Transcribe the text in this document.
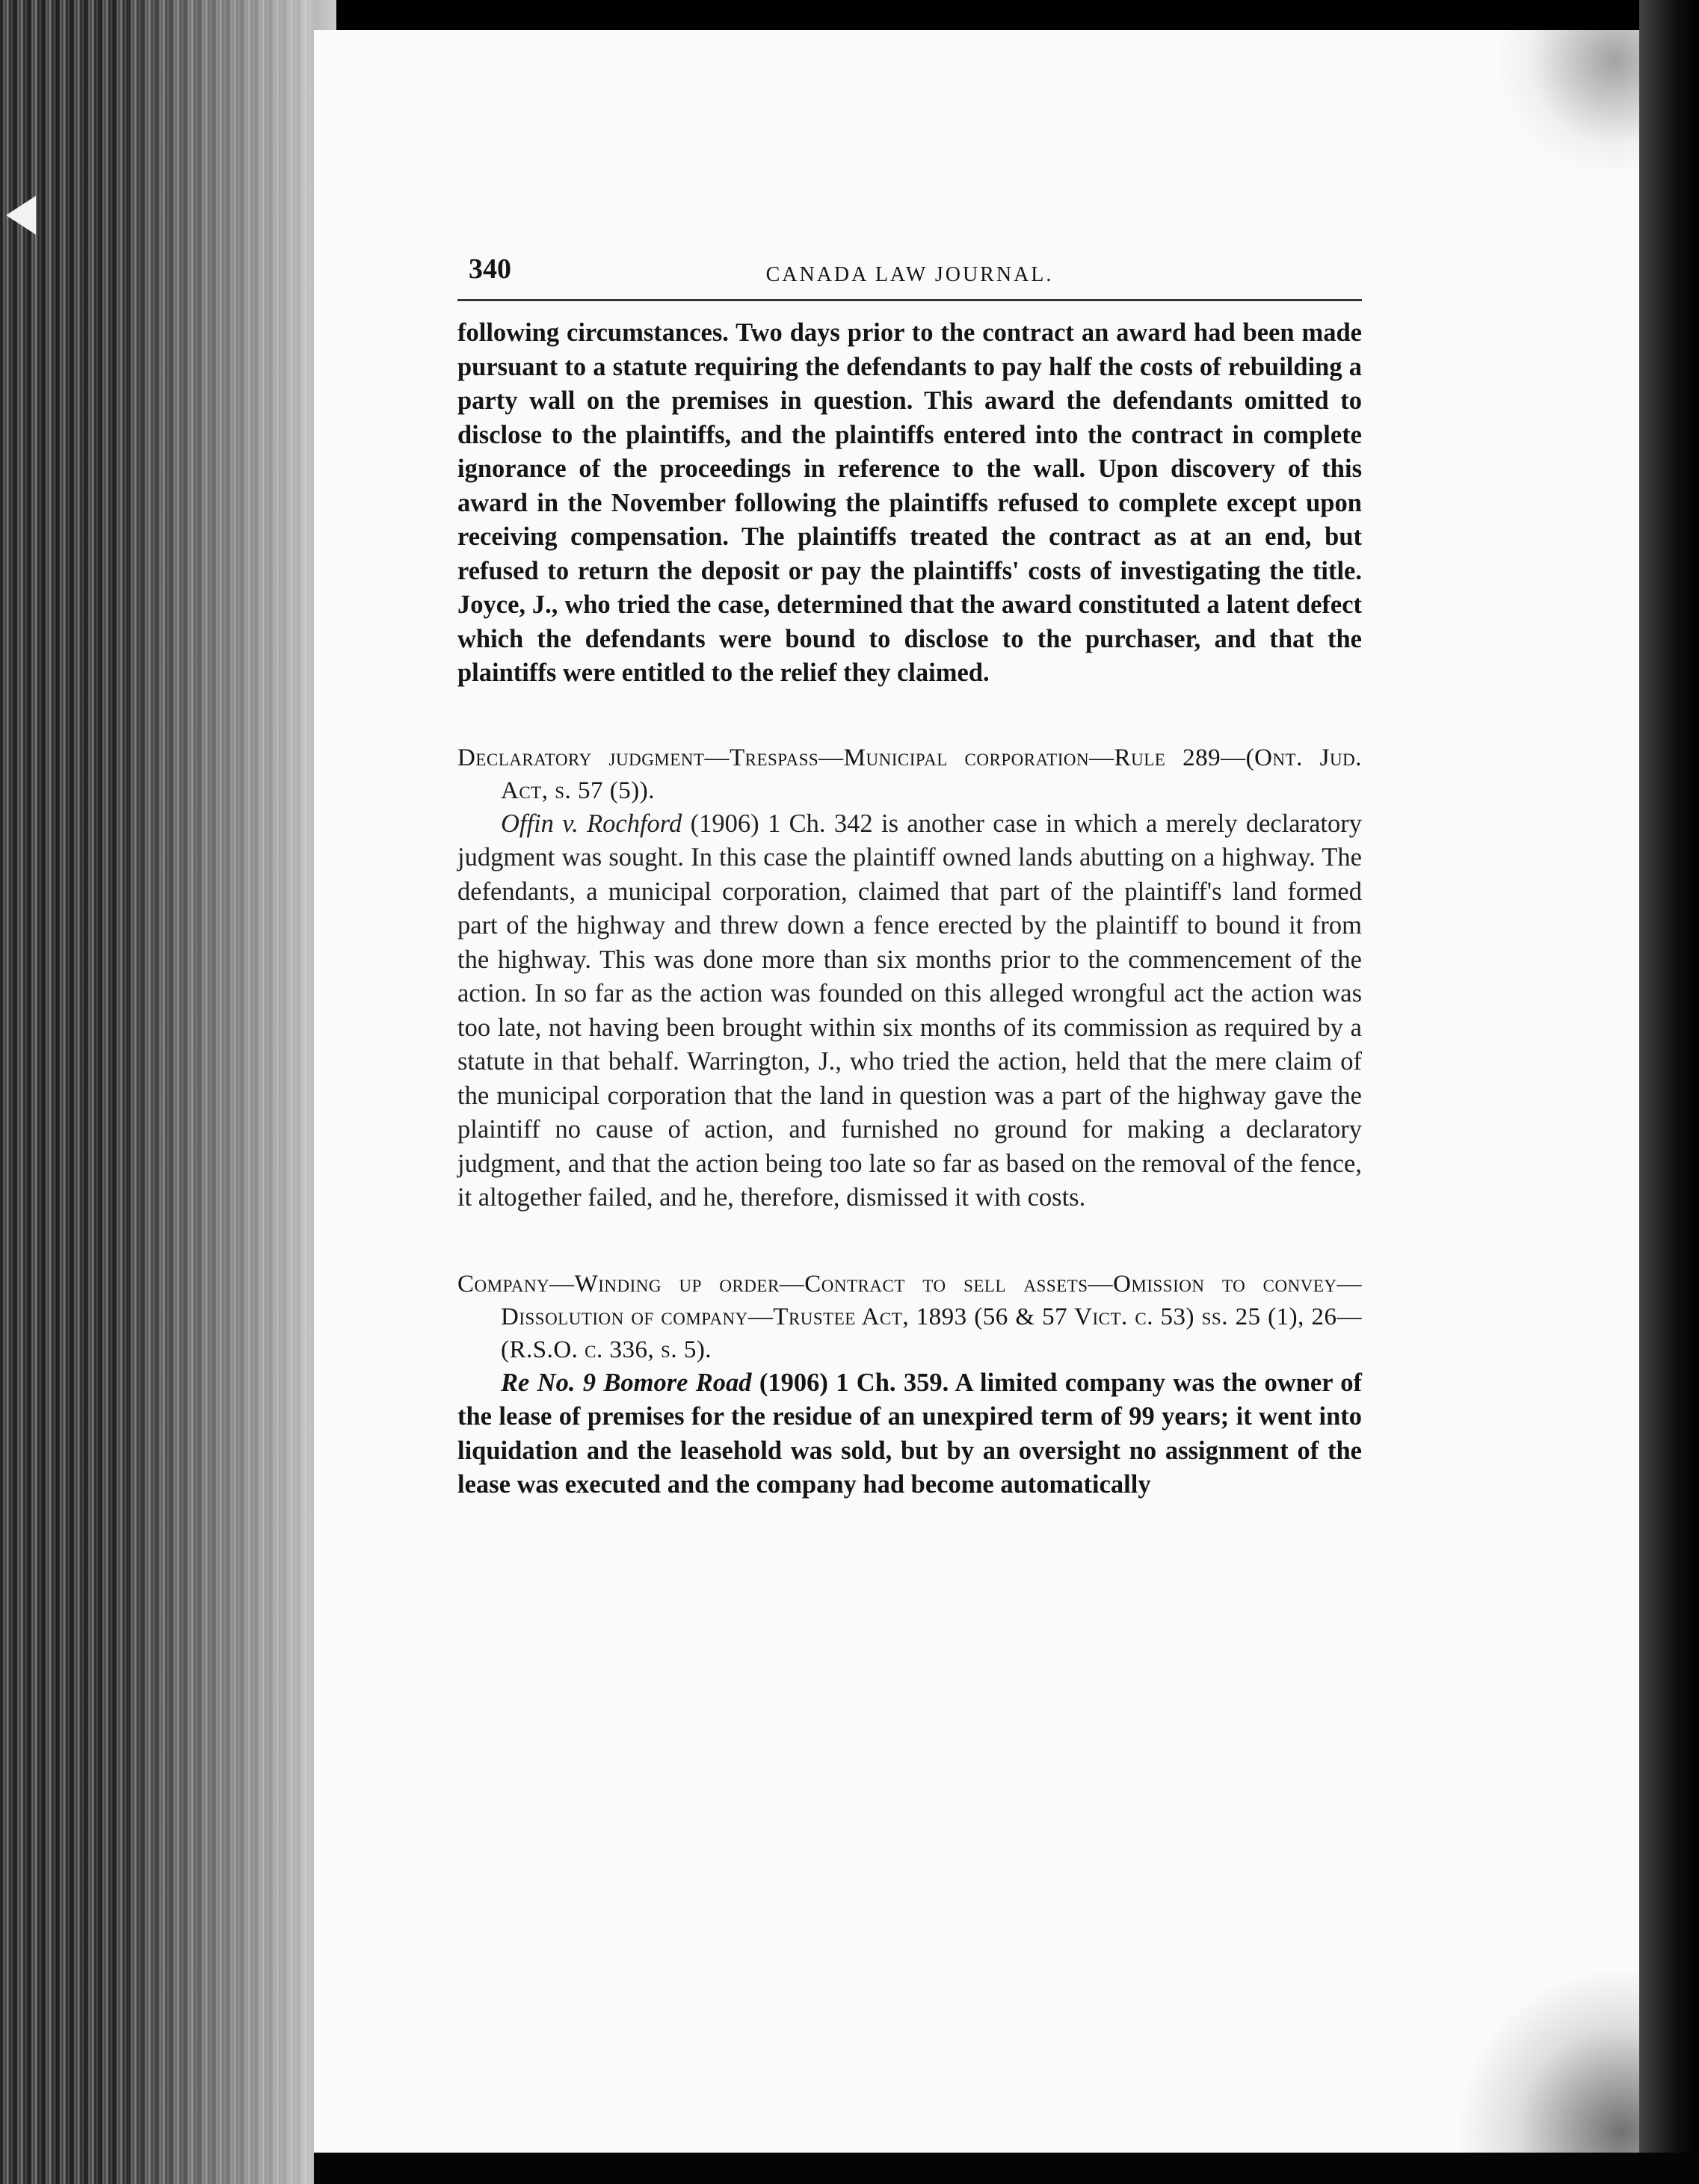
340	CANADA LAW JOURNAL.

following circumstances. Two days prior to the contract an award had been made pursuant to a statute requiring the defendants to pay half the costs of rebuilding a party wall on the premises in question. This award the defendants omitted to disclose to the plaintiffs, and the plaintiffs entered into the contract in complete ignorance of the proceedings in reference to the wall. Upon discovery of this award in the November following the plaintiffs refused to complete except upon receiving compensation. The plaintiffs treated the contract as at an end, but refused to return the deposit or pay the plaintiffs' costs of investigating the title. Joyce, J., who tried the case, determined that the award constituted a latent defect which the defendants were bound to disclose to the purchaser, and that the plaintiffs were entitled to the relief they claimed.

Declaratory judgment—Trespass—Municipal corporation—Rule 289—(Ont. Jud. Act, s. 57 (5)).

Offin v. Rochford (1906) 1 Ch. 342 is another case in which a merely declaratory judgment was sought. In this case the plaintiff owned lands abutting on a highway. The defendants, a municipal corporation, claimed that part of the plaintiff's land formed part of the highway and threw down a fence erected by the plaintiff to bound it from the highway. This was done more than six months prior to the commencement of the action. In so far as the action was founded on this alleged wrongful act the action was too late, not having been brought within six months of its commission as required by a statute in that behalf. Warrington, J., who tried the action, held that the mere claim of the municipal corporation that the land in question was a part of the highway gave the plaintiff no cause of action, and furnished no ground for making a declaratory judgment, and that the action being too late so far as based on the removal of the fence, it altogether failed, and he, therefore, dismissed it with costs.

Company—Winding up order—Contract to sell assets—Omission to convey—Dissolution of company—Trustee Act, 1893 (56 & 57 Vict. c. 53) ss. 25 (1), 26—(R.S.O. c. 336, s. 5).

Re No. 9 Bomore Road (1906) 1 Ch. 359. A limited company was the owner of the lease of premises for the residue of an unexpired term of 99 years; it went into liquidation and the leasehold was sold, but by an oversight no assignment of the lease was executed and the company had become automatically
